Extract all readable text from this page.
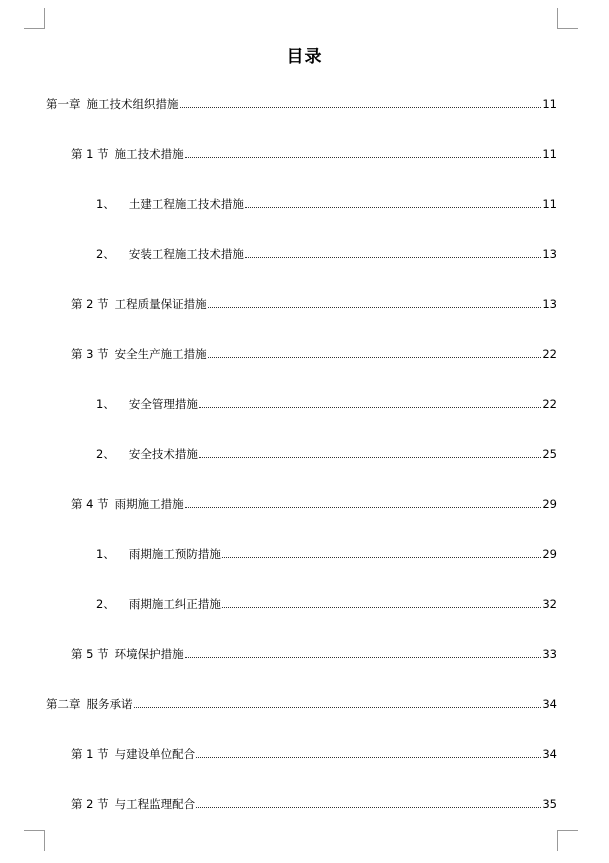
目录
第一章 施工技术组织措施	11
第 1 节 施工技术措施	11
1、 土建工程施工技术措施	11
2、 安装工程施工技术措施	13
第 2 节 工程质量保证措施	13
第 3 节 安全生产施工措施	22
1、 安全管理措施	22
2、 安全技术措施	25
第 4 节 雨期施工措施	29
1、 雨期施工预防措施	29
2、 雨期施工纠正措施	32
第 5 节 环境保护措施	33
第二章 服务承诺	34
第 1 节 与建设单位配合	34
第 2 节 与工程监理配合	35
